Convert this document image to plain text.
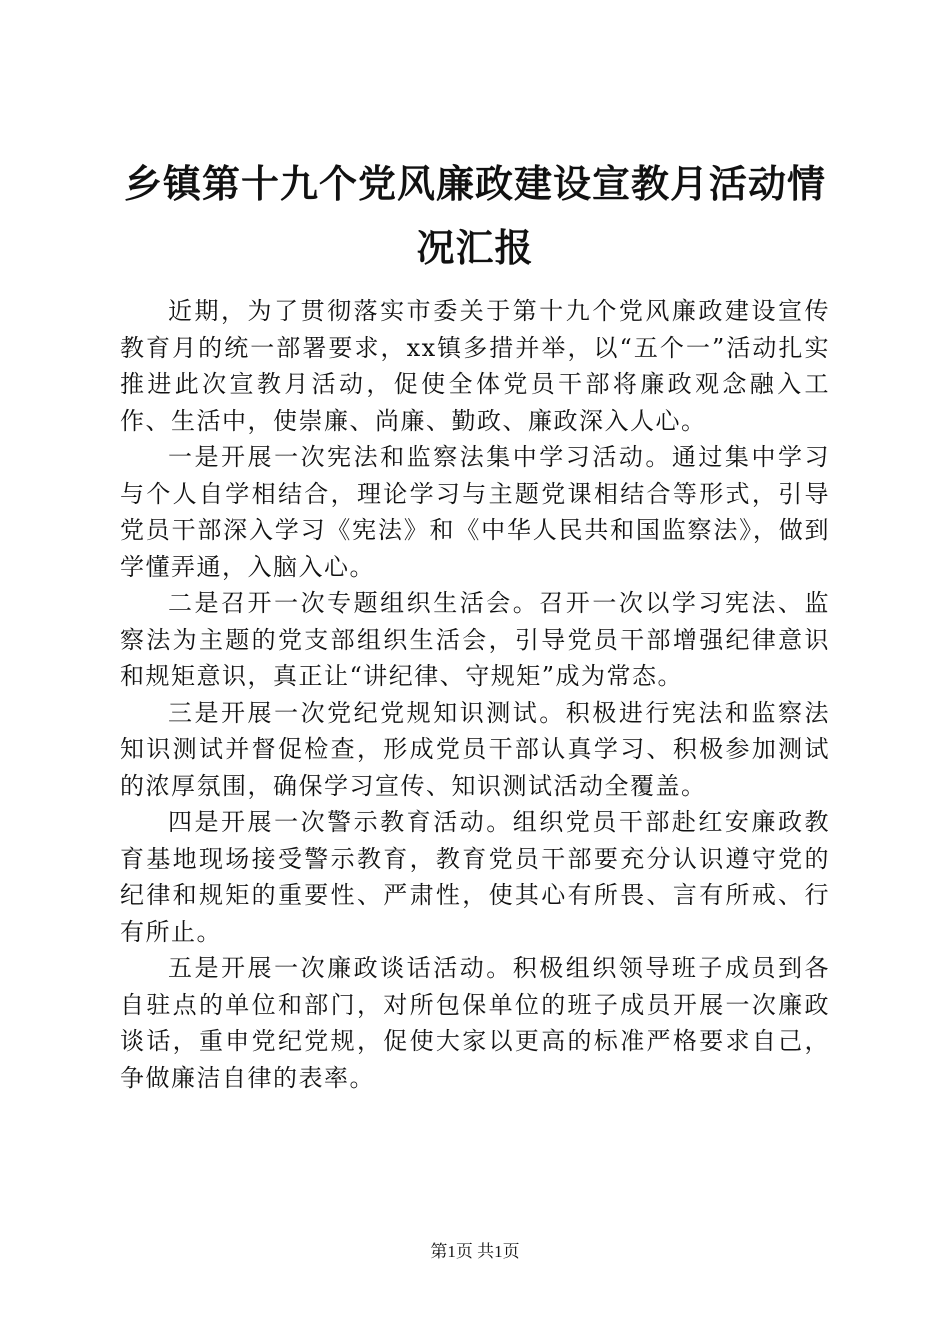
乡镇第十九个党风廉政建设宣教月活动情况汇报

近期，为了贯彻落实市委关于第十九个党风廉政建设宣传教育月的统一部署要求，xx镇多措并举，以“五个一”活动扎实推进此次宣教月活动，促使全体党员干部将廉政观念融入工作、生活中，使崇廉、尚廉、勤政、廉政深入人心。

一是开展一次宪法和监察法集中学习活动。通过集中学习与个人自学相结合，理论学习与主题党课相结合等形式，引导党员干部深入学习《宪法》和《中华人民共和国监察法》，做到学懂弄通，入脑入心。

二是召开一次专题组织生活会。召开一次以学习宪法、监察法为主题的党支部组织生活会，引导党员干部增强纪律意识和规矩意识，真正让“讲纪律、守规矩”成为常态。

三是开展一次党纪党规知识测试。积极进行宪法和监察法知识测试并督促检查，形成党员干部认真学习、积极参加测试的浓厚氛围，确保学习宣传、知识测试活动全覆盖。

四是开展一次警示教育活动。组织党员干部赴红安廉政教育基地现场接受警示教育，教育党员干部要充分认识遵守党的纪律和规矩的重要性、严肃性，使其心有所畏、言有所戒、行有所止。

五是开展一次廉政谈话活动。积极组织领导班子成员到各自驻点的单位和部门，对所包保单位的班子成员开展一次廉政谈话，重申党纪党规，促使大家以更高的标准严格要求自己，争做廉洁自律的表率。

第1页 共1页
